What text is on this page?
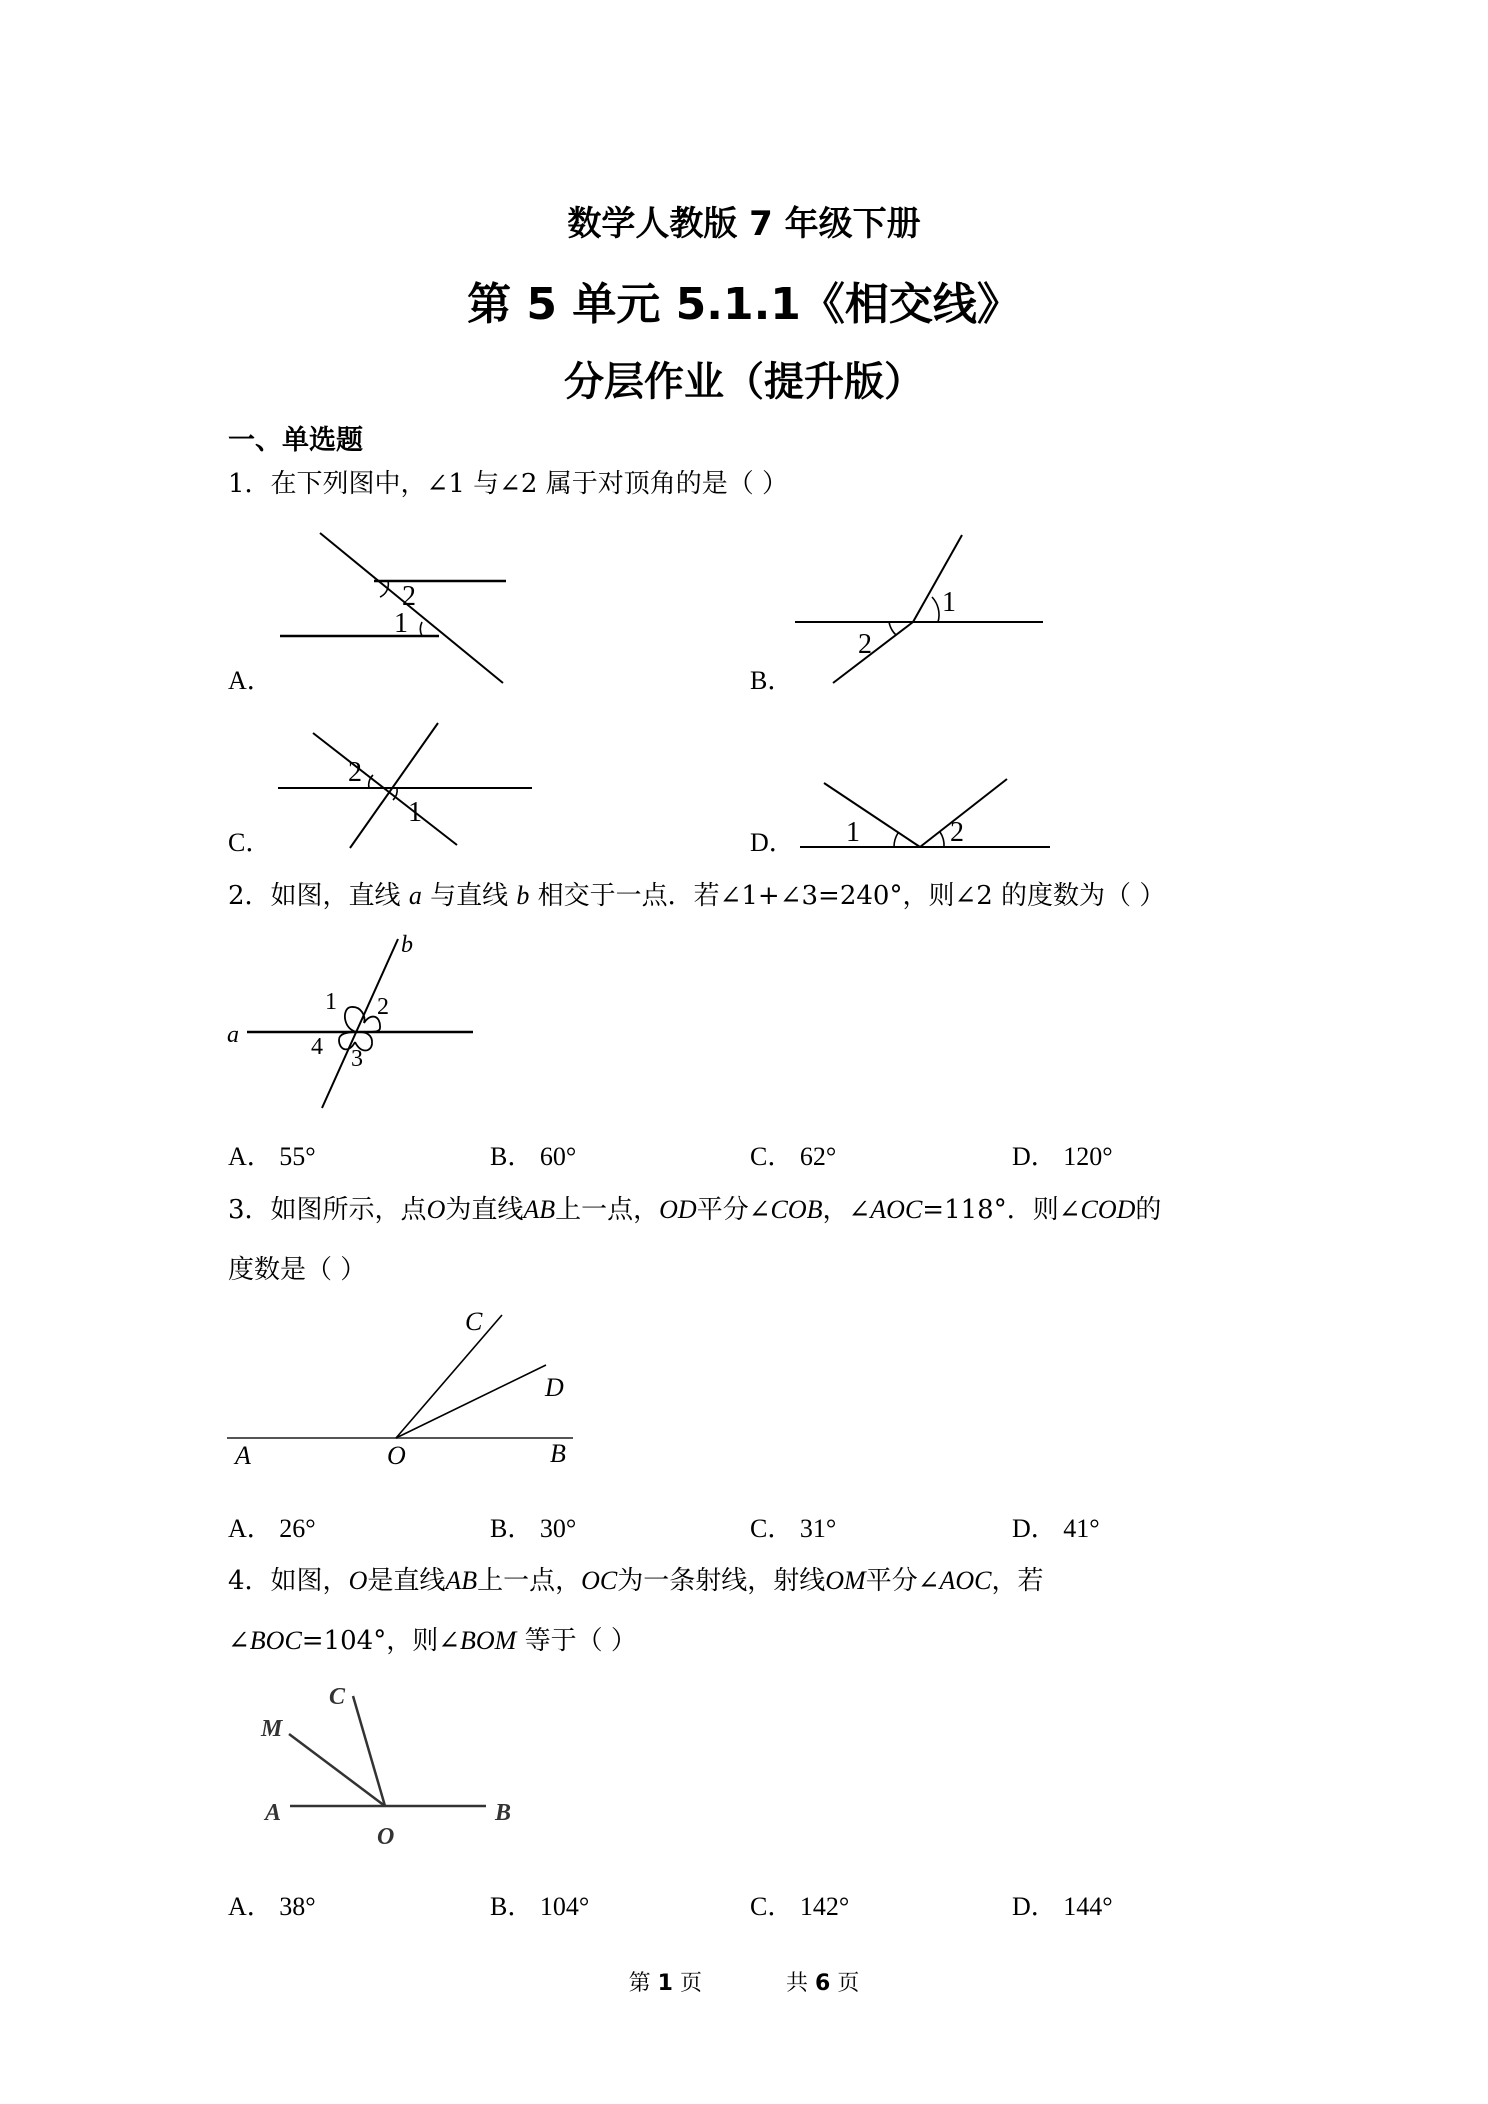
数学人教版 7 年级下册
第 5 单元 5.1.1《相交线》
分层作业（提升版）
一、单选题
1．在下列图中，∠1 与∠2 属于对顶角的是（ ）
A．
2
1
B．
1
2
C．
2
1
D． 1	2
2．如图，直线 a 与直线 b 相交于一点．若∠1+∠3=240°，则∠2 的度数为（ ）
a
b
1 2
3
4
A． 55°	B． 60°	C． 62°	D． 120°
3．如图所示，点O为直线AB上一点，OD平分∠COB，∠AOC=118°．则∠COD的
度数是（ ）
A	O	B
C
D
A． 26°	B． 30°	C． 31°	D． 41°
4．如图，O是直线AB上一点，OC为一条射线，射线OM平分∠AOC，若
∠BOC=104°，则∠BOM 等于（ ）
A
O
B
C
M
A． 38°	B． 104°	C． 142°	D． 144°
第 1 页	共 6 页
